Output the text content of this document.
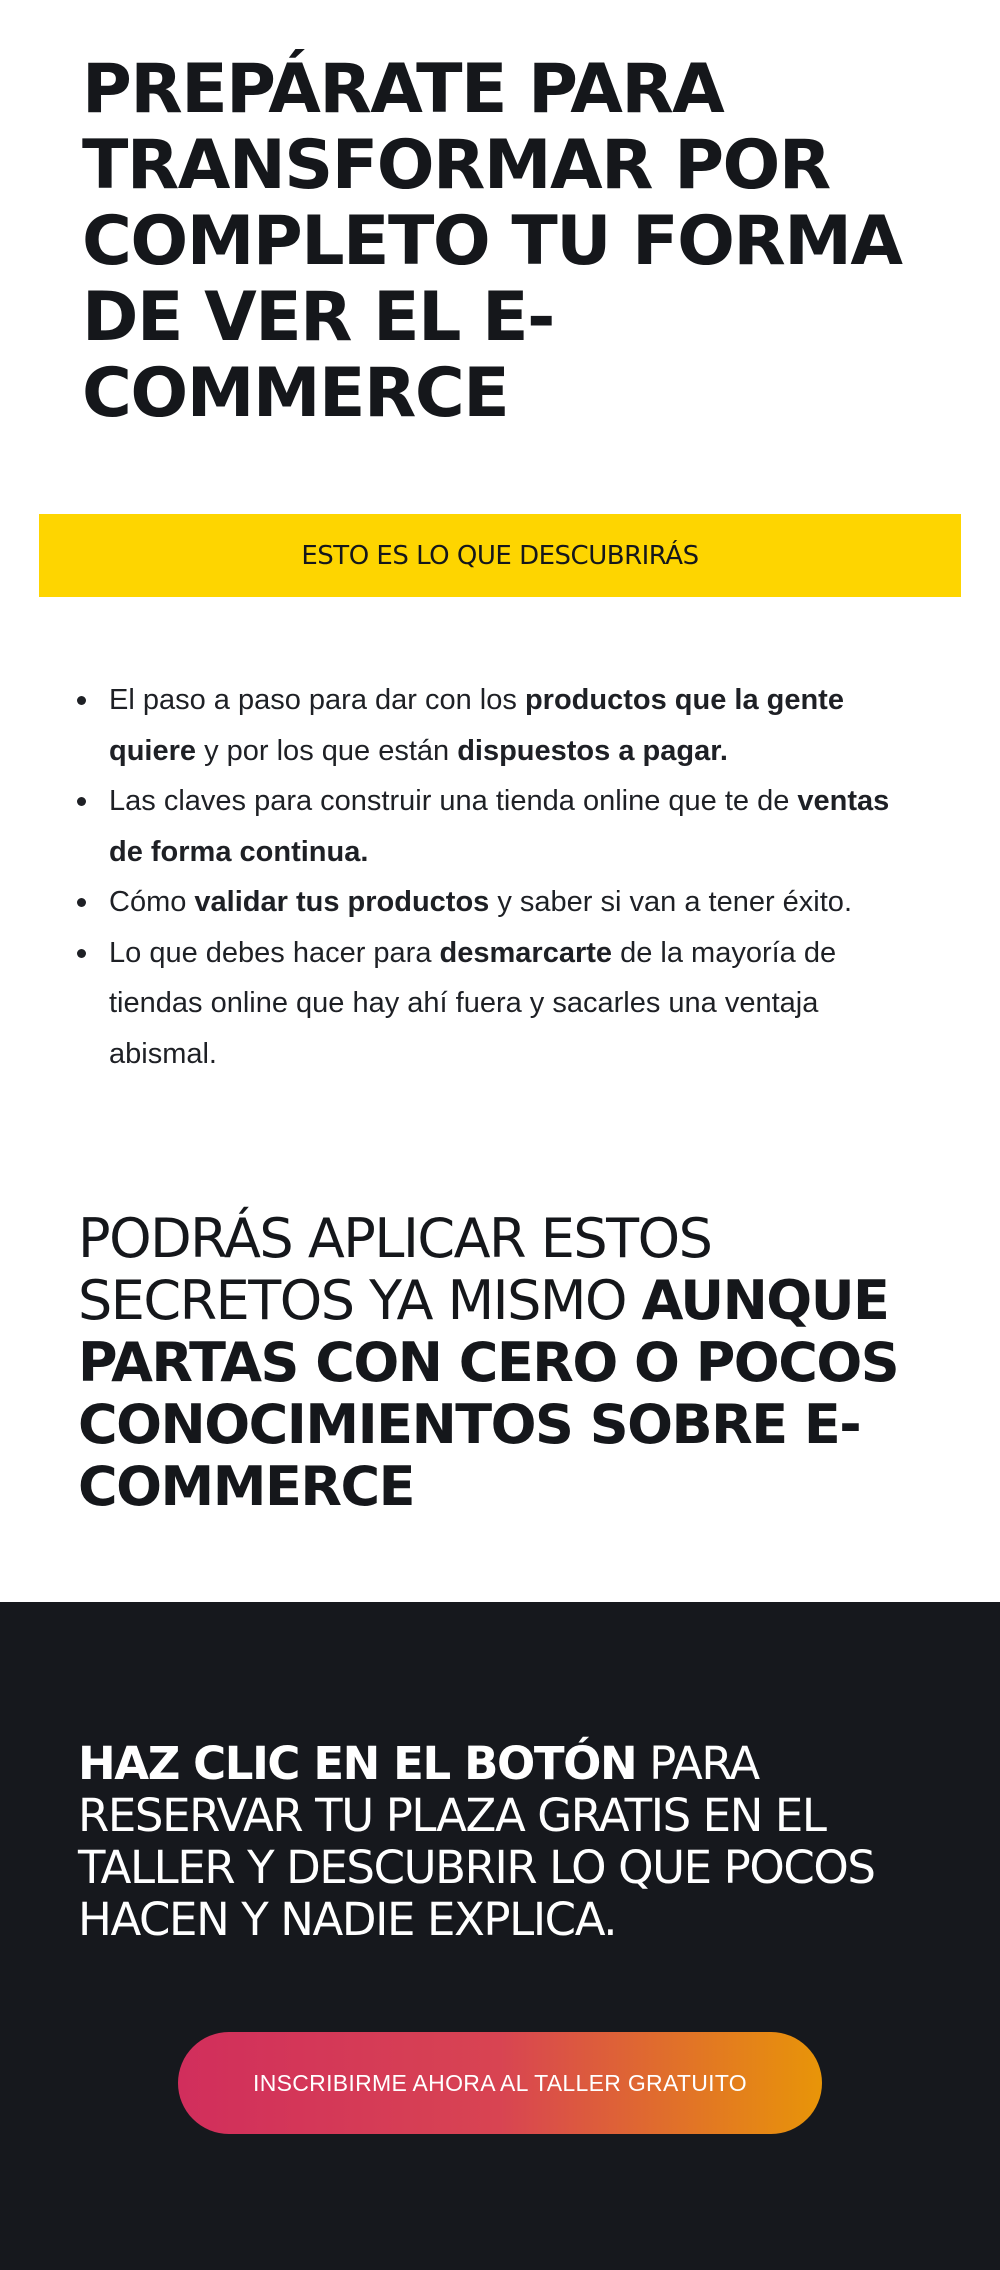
PREPÁRATE PARA TRANSFORMAR POR COMPLETO TU FORMA DE VER EL E-COMMERCE
ESTO ES LO QUE DESCUBRIRÁS
El paso a paso para dar con los productos que la gente quiere y por los que están dispuestos a pagar.
Las claves para construir una tienda online que te de ventas de forma continua.
Cómo validar tus productos y saber si van a tener éxito.
Lo que debes hacer para desmarcarte de la mayoría de tiendas online que hay ahí fuera y sacarles una ventaja abismal.
PODRÁS APLICAR ESTOS SECRETOS YA MISMO AUNQUE PARTAS CON CERO O POCOS CONOCIMIENTOS SOBRE E-COMMERCE
HAZ CLIC EN EL BOTÓN PARA RESERVAR TU PLAZA GRATIS EN EL TALLER Y DESCUBRIR LO QUE POCOS HACEN Y NADIE EXPLICA.
INSCRIBIRME AHORA AL TALLER GRATUITO
